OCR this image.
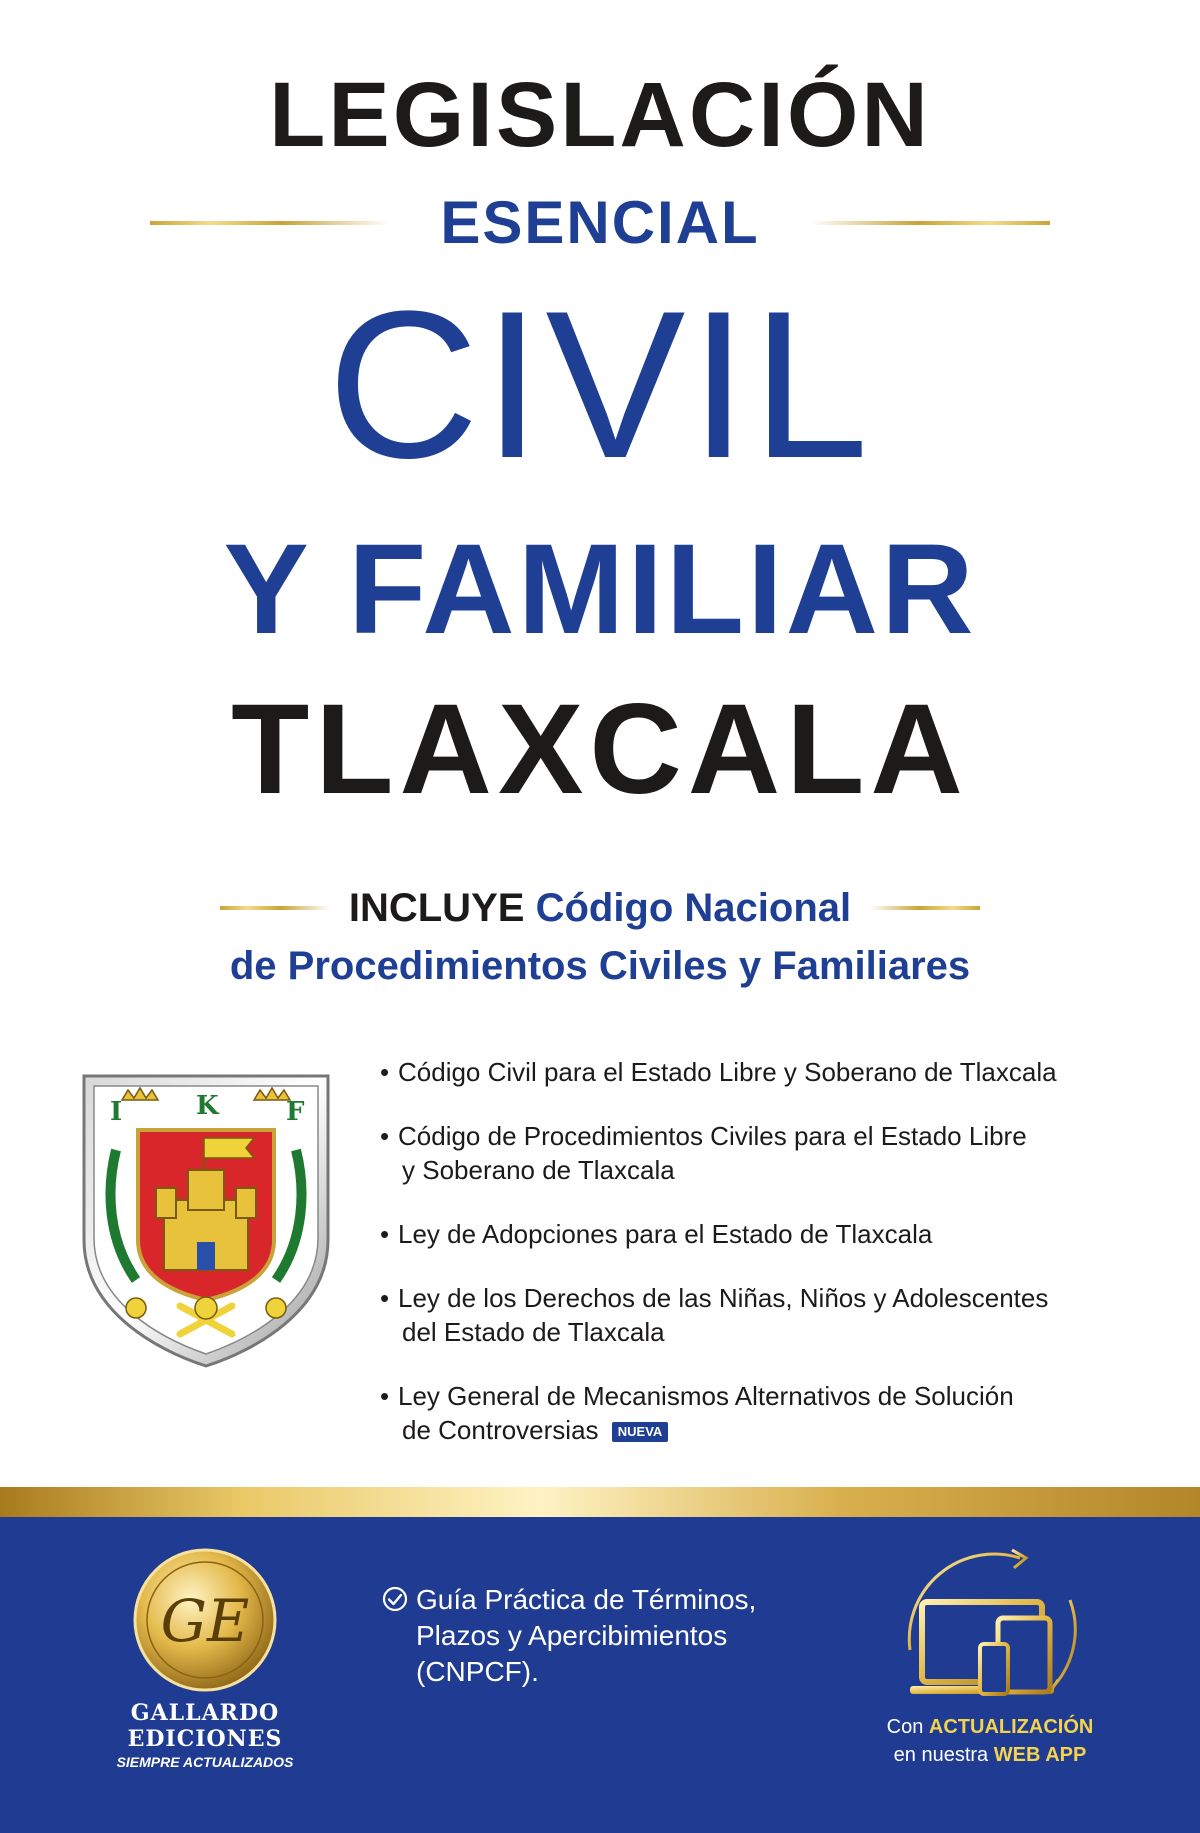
LEGISLACIÓN
ESENCIAL
CIVIL
Y FAMILIAR
TLAXCALA
INCLUYE Código Nacional
de Procedimientos Civiles y Familiares
I	K	F
• Código Civil para el Estado Libre y Soberano de Tlaxcala
• Código de Procedimientos Civiles para el Estado Libre
y Soberano de Tlaxcala
• Ley de Adopciones para el Estado de Tlaxcala
• Ley de los Derechos de las Niñas, Niños y Adolescentes
del Estado de Tlaxcala
• Ley General de Mecanismos Alternativos de Solución
de Controversias NUEVA
GE
GALLARDO
EDICIONES
SIEMPRE ACTUALIZADOS

Guía Práctica de Términos,
Plazos y Apercibimientos
(CNPCF).

Con ACTUALIZACIÓN
en nuestra WEB APP
